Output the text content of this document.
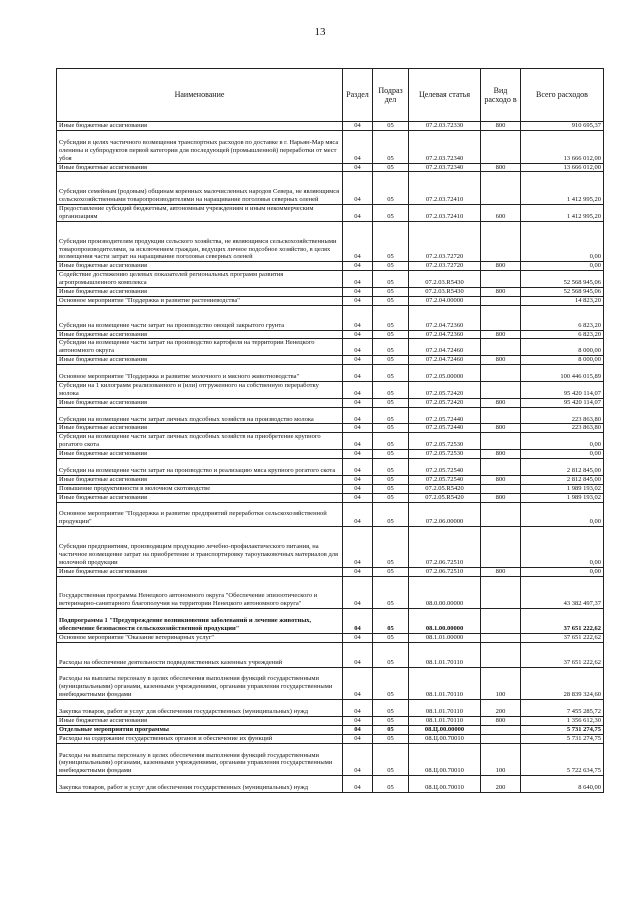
13
Наименование	Раздел	Подраз дел	Целевая статья	Вид расходо в	Всего расходов
Иные бюджетные ассигнования	04	05	07.2.03.72330	800	910 695,37
Субсидии в целях частичного возмещения транспортных расходов по доставке в г. Нарьян-Мар мяса оленины и субпродуктов первой категории для последующей (промышленной) переработки от мест убоя	04	05	07.2.03.72340		13 666 012,00
Иные бюджетные ассигнования	04	05	07.2.03.72340	800	13 666 012,00
Субсидии семейным (родовым) общинам коренных малочисленных народов Севера, не являющимся сельскохозяйственными товаропроизводителями на наращивание поголовья северных оленей	04	05	07.2.03.72410		1 412 995,20
Предоставление субсидий бюджетным, автономным учреждениям и иным некоммерческим организациям	04	05	07.2.03.72410	600	1 412 995,20
Субсидии производителям продукции сельского хозяйства, не являющимся сельскохозяйственными товаропроизводителями, за исключением граждан, ведущих личное подсобное хозяйство, в целях возмещения части затрат на наращивание поголовья северных оленей	04	05	07.2.03.72720		0,00
Иные бюджетные ассигнования	04	05	07.2.03.72720	800	0,00
Содействие достижению целевых показателей региональных программ развития агропромышленного комплекса	04	05	07.2.03.R5430		52 568 945,06
Иные бюджетные ассигнования	04	05	07.2.03.R5430	800	52 568 945,06
Основное мероприятие "Поддержка и развитие растениеводства"	04	05	07.2.04.00000		14 823,20
Субсидии на возмещение части затрат на производство овощей закрытого грунта	04	05	07.2.04.72360		6 823,20
Иные бюджетные ассигнования	04	05	07.2.04.72360	800	6 823,20
Субсидии на возмещение части затрат на производство картофеля на территории Ненецкого автономного округа	04	05	07.2.04.72460		8 000,00
Иные бюджетные ассигнования	04	05	07.2.04.72460	800	8 000,00
Основное мероприятие "Поддержка и развитие молочного и мясного животноводства"	04	05	07.2.05.00000		100 446 015,89
Субсидии на 1 килограмм реализованного и (или) отгруженного на собственную переработку молока	04	05	07.2.05.72420		95 420 114,07
Иные бюджетные ассигнования	04	05	07.2.05.72420	800	95 420 114,07
Субсидии на возмещение части затрат личных подсобных хозяйств на производство молока	04	05	07.2.05.72440		223 863,80
Иные бюджетные ассигнования	04	05	07.2.05.72440	800	223 863,80
Субсидии на возмещение части затрат личных подсобных хозяйств на приобретение крупного рогатого скота	04	05	07.2.05.72530		0,00
Иные бюджетные ассигнования	04	05	07.2.05.72530	800	0,00
Субсидии на возмещение части затрат на производство и реализацию мяса крупного рогатого скота	04	05	07.2.05.72540		2 812 845,00
Иные бюджетные ассигнования	04	05	07.2.05.72540	800	2 812 845,00
Повышение продуктивности в молочном скотоводстве	04	05	07.2.05.R5420		1 989 193,02
Иные бюджетные ассигнования	04	05	07.2.05.R5420	800	1 989 193,02
Основное мероприятие "Поддержка и развитие предприятий переработки сельскохозяйственной продукции"	04	05	07.2.06.00000		0,00
Субсидии предприятиям, производящим продукцию лечебно-профилактического питания, на частичное возмещение затрат на приобретение и транспортировку тарoупаковочных материалов для молочной продукции	04	05	07.2.06.72510		0,00
Иные бюджетные ассигнования	04	05	07.2.06.72510	800	0,00
Государственная программа Ненецкого автономного округа "Обеспечение эпизоотического и ветеринарно-санитарного благополучия на территории Ненецкого автономного округа"	04	05	08.0.00.00000		43 382 497,37
Подпрограмма 1 "Предупреждение возникновения заболеваний и лечение животных, обеспечение безопасности сельскохозяйственной продукции"	04	05	08.1.00.00000		37 651 222,62
Основное мероприятие "Оказание ветеринарных услуг"	04	05	08.1.01.00000		37 651 222,62
Расходы на обеспечение деятельности подведомственных казенных учреждений	04	05	08.1.01.70110		37 651 222,62
Расходы на выплаты персоналу в целях обеспечения выполнения функций государственными (муниципальными) органами, казенными учреждениями, органами управления государственными внебюджетными фондами	04	05	08.1.01.70110	100	28 839 324,60
Закупка товаров, работ и услуг для обеспечения государственных (муниципальных) нужд	04	05	08.1.01.70110	200	7 455 285,72
Иные бюджетные ассигнования	04	05	08.1.01.70110	800	1 356 612,30
Отдельные мероприятия программы	04	05	08.Ц.00.00000		5 731 274,75
Расходы на содержание государственных органов и обеспечение их функций	04	05	08.Ц.00.70010		5 731 274,75
Расходы на выплаты персоналу в целях обеспечения выполнения функций государственными (муниципальными) органами, казенными учреждениями, органами управления государственными внебюджетными фондами	04	05	08.Ц.00.70010	100	5 722 634,75
Закупка товаров, работ и услуг для обеспечения государственных (муниципальных) нужд	04	05	08.Ц.00.70010	200	8 640,00
